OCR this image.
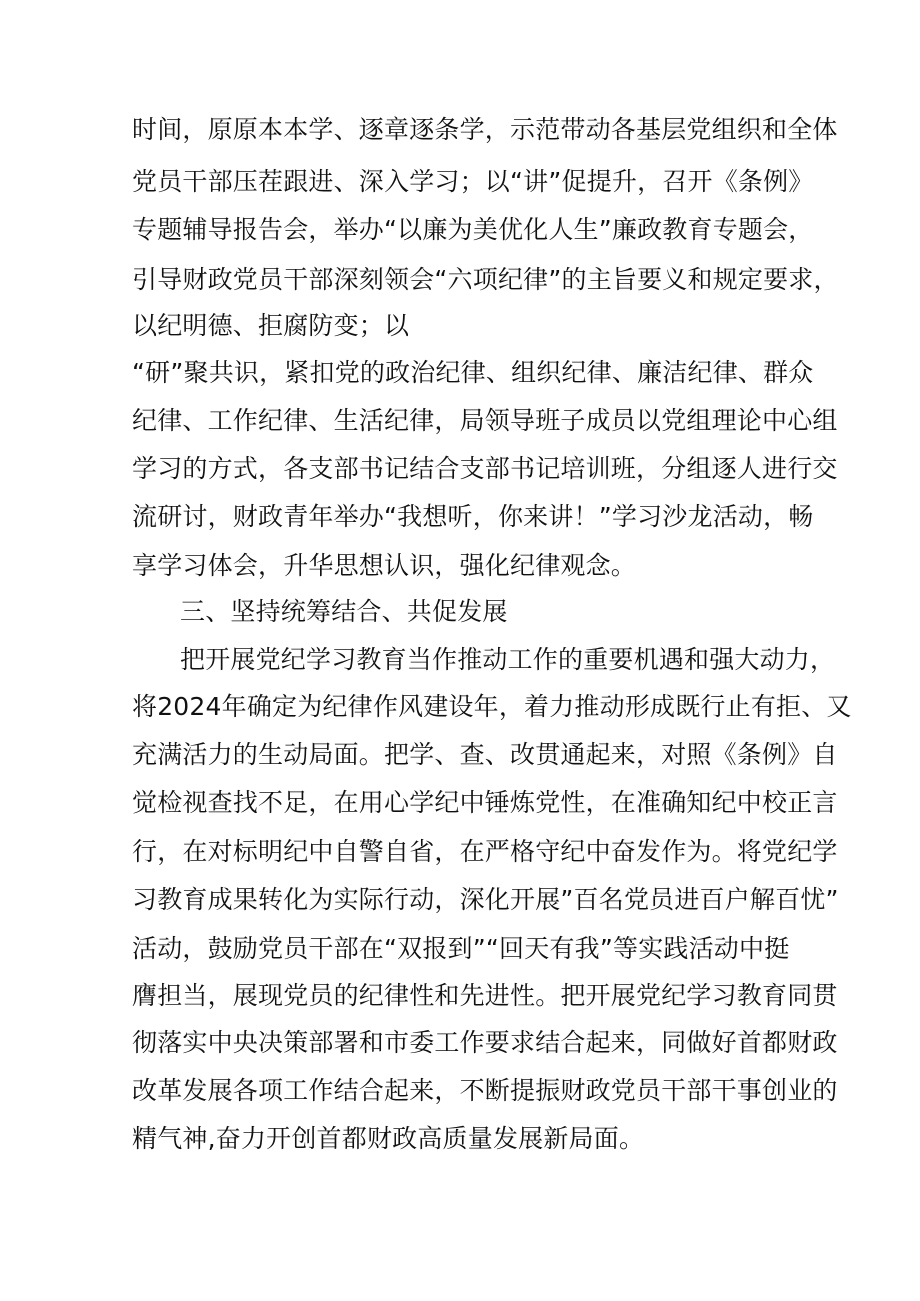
时间，原原本本学、逐章逐条学，示范带动各基层党组织和全体
党员干部压茬跟进、深入学习；以“讲”促提升，召开《条例》
专题辅导报告会，举办“以廉为美优化人生”廉政教育专题会，
引导财政党员干部深刻领会“六项纪律”的主旨要义和规定要求，
以纪明德、拒腐防变；以
“研”聚共识，紧扣党的政治纪律、组织纪律、廉洁纪律、群众
纪律、工作纪律、生活纪律，局领导班子成员以党组理论中心组
学习的方式，各支部书记结合支部书记培训班，分组逐人进行交
流研讨，财政青年举办“我想听，你来讲！”学习沙龙活动，畅
享学习体会，升华思想认识，强化纪律观念。
三、坚持统筹结合、共促发展
把开展党纪学习教育当作推动工作的重要机遇和强大动力，
将2024年确定为纪律作风建设年，着力推动形成既行止有拒、又
充满活力的生动局面。把学、查、改贯通起来，对照《条例》自
觉检视查找不足，在用心学纪中锤炼党性，在准确知纪中校正言
行，在对标明纪中自警自省，在严格守纪中奋发作为。将党纪学
习教育成果转化为实际行动，深化开展”百名党员进百户解百忧”
活动，鼓励党员干部在“双报到”“回天有我”等实践活动中挺
膺担当，展现党员的纪律性和先进性。把开展党纪学习教育同贯
彻落实中央决策部署和市委工作要求结合起来，同做好首都财政
改革发展各项工作结合起来，不断提振财政党员干部干事创业的
精气神,奋力开创首都财政高质量发展新局面。
